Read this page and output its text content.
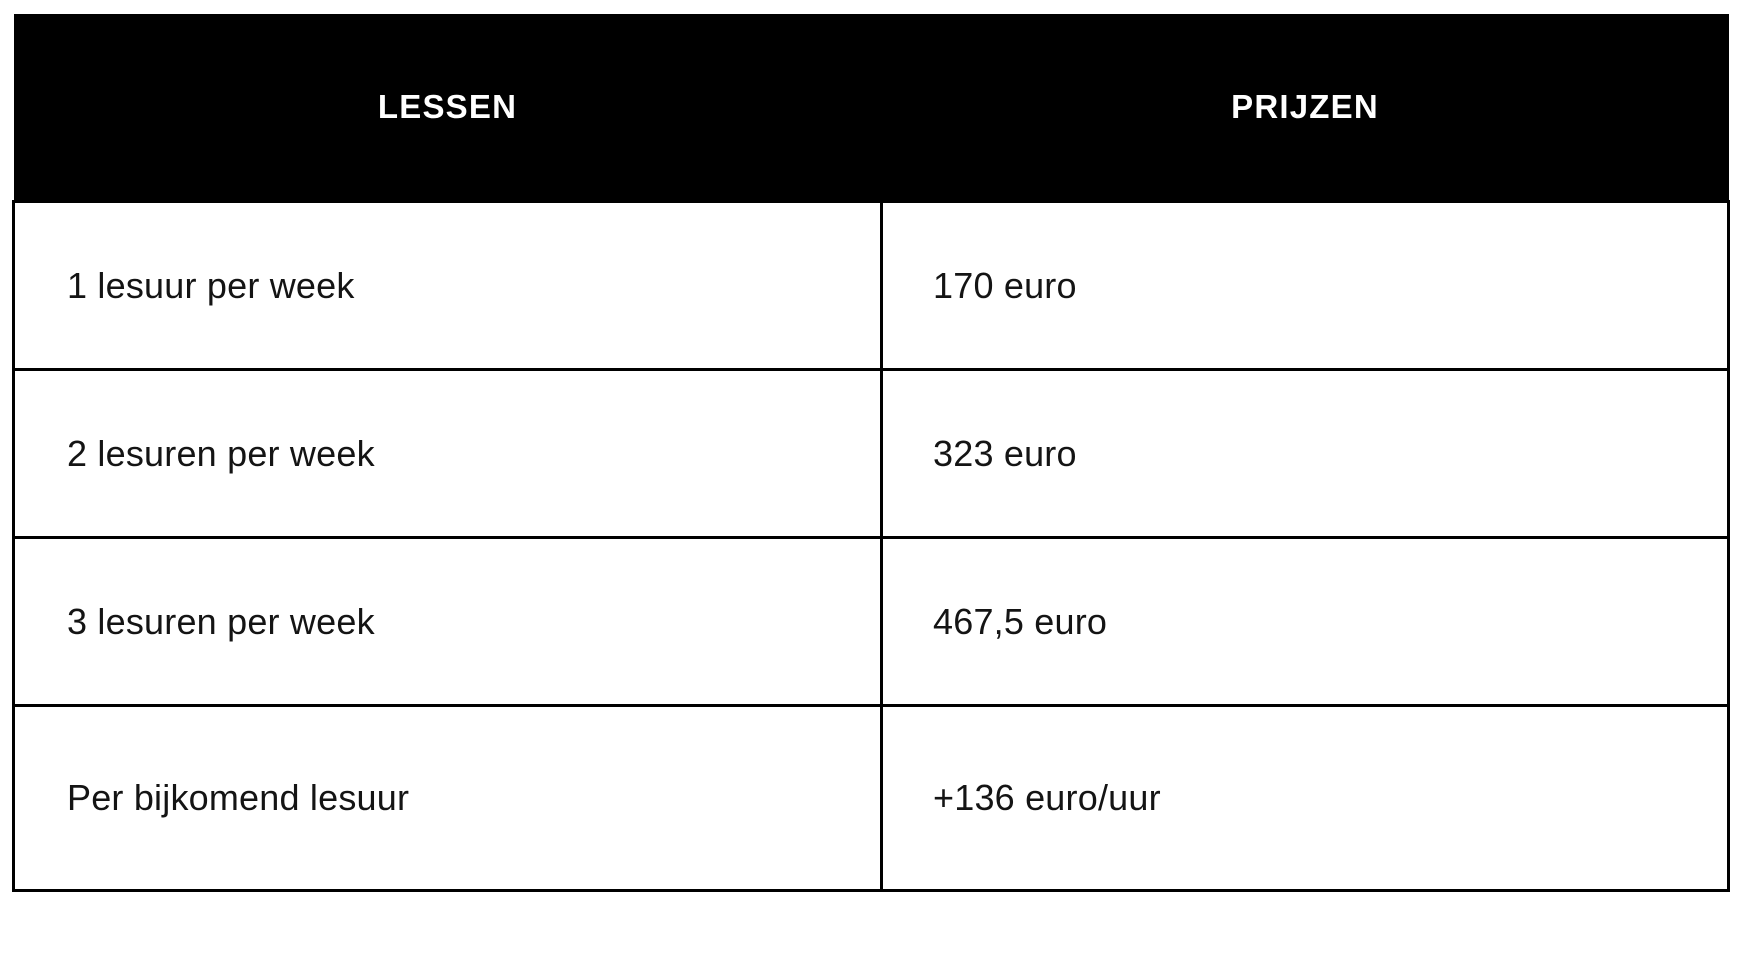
LESSEN	PRIJZEN
1 lesuur per week	170 euro
2 lesuren per week	323 euro
3 lesuren per week	467,5 euro
Per bijkomend lesuur	+136 euro/uur
